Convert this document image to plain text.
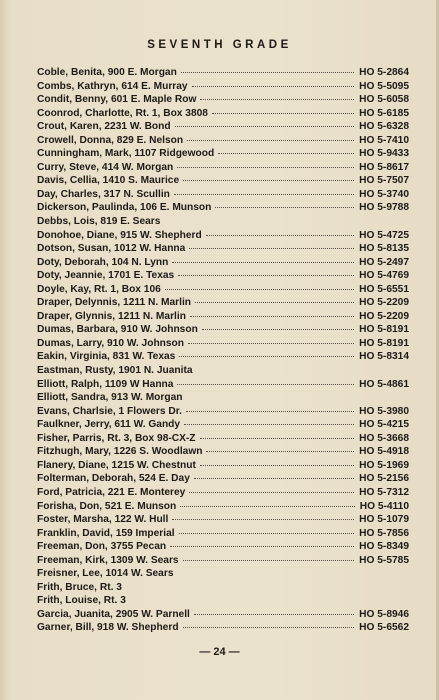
SEVENTH GRADE
Coble, Benita, 900 E. Morgan	HO 5-2864
Combs, Kathryn, 614 E. Murray	HO 5-5095
Condit, Benny, 601 E. Maple Row	HO 5-6058
Coonrod, Charlotte, Rt. 1, Box 3808	HO 5-6185
Crout, Karen, 2231 W. Bond	HO 5-6328
Crowell, Donna, 829 E. Nelson	HO 5-7410
Cunningham, Mark, 1107 Ridgewood	HO 5-9433
Curry, Steve, 414 W. Morgan	HO 5-8617
Davis, Cellia, 1410 S. Maurice	HO 5-7507
Day, Charles, 317 N. Scullin	HO 5-3740
Dickerson, Paulinda, 106 E. Munson	HO 5-9788
Debbs, Lois, 819 E. Sears
Donohoe, Diane, 915 W. Shepherd	HO 5-4725
Dotson, Susan, 1012 W. Hanna	HO 5-8135
Doty, Deborah, 104 N. Lynn	HO 5-2497
Doty, Jeannie, 1701 E. Texas	HO 5-4769
Doyle, Kay, Rt. 1, Box 106	HO 5-6551
Draper, Delynnis, 1211 N. Marlin	HO 5-2209
Draper, Glynnis, 1211 N. Marlin	HO 5-2209
Dumas, Barbara, 910 W. Johnson	HO 5-8191
Dumas, Larry, 910 W. Johnson	HO 5-8191
Eakin, Virginia, 831 W. Texas	HO 5-8314
Eastman, Rusty, 1901 N. Juanita
Elliott, Ralph, 1109 W Hanna	HO 5-4861
Elliott, Sandra, 913 W. Morgan
Evans, Charlsie, 1 Flowers Dr.	HO 5-3980
Faulkner, Jerry, 611 W. Gandy	HO 5-4215
Fisher, Parris, Rt. 3, Box 98-CX-Z	HO 5-3668
Fitzhugh, Mary, 1226 S. Woodlawn	HO 5-4918
Flanery, Diane, 1215 W. Chestnut	HO 5-1969
Folterman, Deborah, 524 E. Day	HO 5-2156
Ford, Patricia, 221 E. Monterey	HO 5-7312
Forisha, Don, 521 E. Munson	HO 5-4110
Foster, Marsha, 122 W. Hull	HO 5-1079
Franklin, David, 159 Imperial	HO 5-7856
Freeman, Don, 3755 Pecan	HO 5-8349
Freeman, Kirk, 1309 W. Sears	HO 5-5785
Freisner, Lee, 1014 W. Sears
Frith, Bruce, Rt. 3
Frith, Louise, Rt. 3
Garcia, Juanita, 2905 W. Parnell	HO 5-8946
Garner, Bill, 918 W. Shepherd	HO 5-6562
— 24 —
